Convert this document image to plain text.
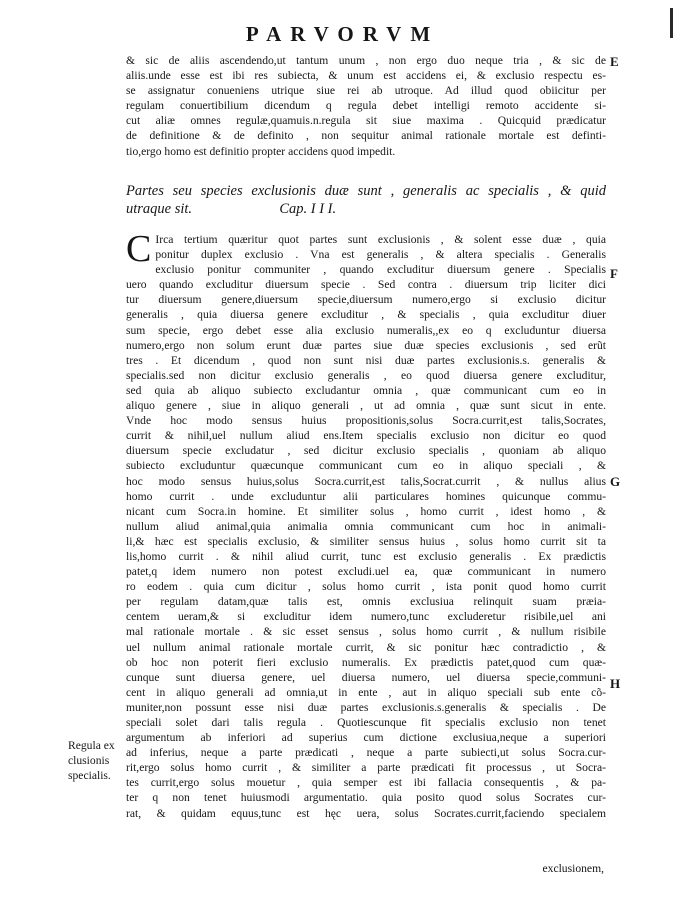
PARVORVM
& sic de aliis ascendendo,ut tantum unum , non ergo duo neque tria , & sic de
aliis.unde esse est ibi res subiecta, & unum est accidens ei, & exclusio respectu es-
se assignatur conueniens utrique siue rei ab utroque. Ad illud quod obiicitur per
regulam conuertibilium dicendum q regula debet intelligi remoto accidente si-
cut aliæ omnes regulæ,quamuis.n.regula sit siue maxima . Quicquid prædicatur
de definitione & de definito , non sequitur animal rationale mortale est definti-
tio,ergo homo est definitio propter accidens quod impedit.
E
F
G
H
Partes seu species exclusionis duæ sunt , generalis ac specialis , & quid
utraque sit.	Cap. I I I.
C Irca tertium quæritur quot partes sunt exclusionis , & solent esse duæ , quia
ponitur duplex exclusio . Vna est generalis , & altera specialis . Generalis
exclusio ponitur communiter , quando excluditur diuersum genere . Specialis
uero quando excluditur diuersum specie . Sed contra . diuersum trip liciter dici
tur diuersum genere,diuersum specie,diuersum numero,ergo si exclusio dicitur
generalis , quia diuersa genere excluditur , & specialis , quia excluditur diuer
sum specie, ergo debet esse alia exclusio numeralis,,ex eo q excluduntur diuersa
numero,ergo non solum erunt duæ partes siue duæ species exclusionis , sed erũt
tres . Et dicendum , quod non sunt nisi duæ partes exclusionis.s. generalis &
specialis.sed non dicitur exclusio generalis , eo quod diuersa genere excluditur,
sed quia ab aliquo subiecto excludantur omnia , quæ communicant cum eo in
aliquo genere , siue in aliquo generali , ut ad omnia , quæ sunt sicut in ente.
Vnde hoc modo sensus huius propositionis,solus Socra.currit,est talis,Socrates,
currit & nihil,uel nullum aliud ens.Item specialis exclusio non dicitur eo quod
diuersum specie excludatur , sed dicitur exclusio specialis , quoniam ab aliquo
subiecto excluduntur quæcunque communicant cum eo in aliquo speciali , &
hoc modo sensus huius,solus Socra.currit,est talis,Socrat.currit , & nullus alius
homo currit . unde excluduntur alii particulares homines quicunque commu-
nicant cum Socra.in homine. Et similiter solus , homo currit , idest homo , &
nullum aliud animal,quia animalia omnia communicant cum hoc in animali-
li,& hæc est specialis exclusio, & similiter sensus huius , solus homo currit sit ta
lis,homo currit . & nihil aliud currit, tunc est exclusio generalis . Ex prædictis
patet,q idem numero non potest excludi.uel ea, quæ communicant in numero
ro eodem . quia cum dicitur , solus homo currit , ista ponit quod homo currit
per regulam datam,quæ talis est, omnis exclusiua relinquit suam præia-
centem ueram,& si excluditur idem numero,tunc excluderetur risibile,uel ani
mal rationale mortale . & sic esset sensus , solus homo currit , & nullum risibile
uel nullum animal rationale mortale currit, & sic ponitur hæc contradictio , &
ob hoc non poterit fieri exclusio numeralis. Ex prædictis patet,quod cum quæ-
cunque sunt diuersa genere, uel diuersa numero, uel diuersa specie,communi-
cent in aliquo generali ad omnia,ut in ente , aut in aliquo speciali sub ente cõ-
muniter,non possunt esse nisi duæ partes exclusionis.s.generalis & specialis . De
speciali solet dari talis regula . Quotiescunque fit specialis exclusio non tenet
argumentum ab inferiori ad superius cum dictione exclusiua,neque a superiori
ad inferius, neque a parte prædicati , neque a parte subiecti,ut solus Socra.cur-
rit,ergo solus homo currit , & similiter a parte prædicati fit processus , ut Socra-
tes currit,ergo solus mouetur , quia semper est ibi fallacia consequentis , & pa-
ter q non tenet huiusmodi argumentatio. quia posito quod solus Socrates cur-
rat, & quidam equus,tunc est hęc uera, solus Socrates.currit,faciendo specialem
Regula ex
clusionis
specialis.
exclusionem,
